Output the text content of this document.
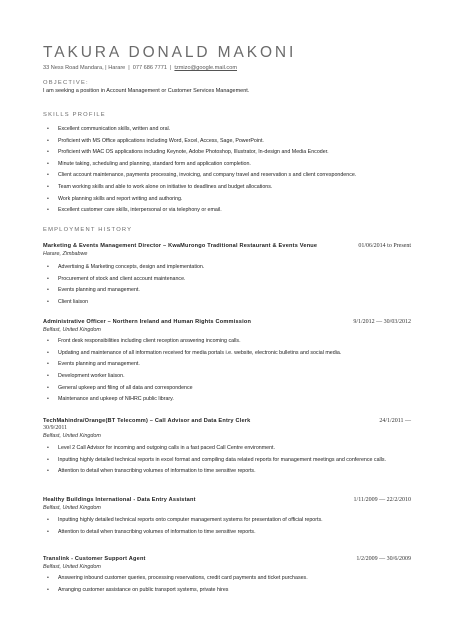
TAKURA DONALD MAKONI
33 Ness Road Mandara, | Harare | 077 686 7771 | tzmizo@google.mail.com
OBJECTIVE:
I am seeking a position in Account Management or Customer Services Management.
SKILLS PROFILE
• Excellent communication skills, written and oral.
• Proficient with MS Office applications including Word, Excel, Access, Sage, PowerPoint.
• Proficient with MAC OS applications including Keynote, Adobe Photoshop, Illustrator, In-design and Media Encoder.
• Minute taking, scheduling and planning, standard form and application completion.
• Client account maintenance, payments processing, invoicing, and company travel and reservation s and client correspondence.
• Team working skills and able to work alone on initiative to deadlines and budget allocations.
• Work planning skills and report writing and authoring.
• Excellent customer care skills, interpersonal or via telephony or email.
EMPLOYMENT HISTORY
Marketing & Events Management Director – KwaMurongo Traditional Restaurant & Events Venue	01/06/2014 to Present
Harare, Zimbabwe
• Advertising & Marketing concepts, design and implementation.
• Procurement of stock and client account maintenance.
• Events planning and management.
• Client liaison
Administrative Officer – Northern Ireland and Human Rights Commission	9/1/2012 — 30/03/2012
Belfast, United Kingdom
• Front desk responsibilities including client reception answering incoming calls.
• Updating and maintenance of all information received for media portals i.e. website, electronic bulletins and social media.
• Events planning and management.
• Development worker liaison.
• General upkeep and filing of all data and correspondence
• Maintenance and upkeep of NIHRC public library.
TechMahindra/Orange(BT Telecomm) – Call Advisor and Data Entry Clerk	24/1/2011 —
30/9/2011
Belfast, United Kingdom
• Level 2 Call Advisor for incoming and outgoing calls in a fast paced Call Centre environment.
• Inputting highly detailed technical reports in excel format and compiling data related reports for management meetings and conference calls.
• Attention to detail when transcribing volumes of information to time sensitive reports.
Healthy Buildings International - Data Entry Assistant	1/11/2009 — 22/2/2010
Belfast, United Kingdom
• Inputting highly detailed technical reports onto computer management systems for presentation of official reports.
• Attention to detail when transcribing volumes of information to time sensitive reports.
Translink - Customer Support Agent	1/2/2009 — 30/6/2009
Belfast, United Kingdom
• Answering inbound customer queries, processing reservations, credit card payments and ticket purchases.
• Arranging customer assistance on public transport systems, private hires
